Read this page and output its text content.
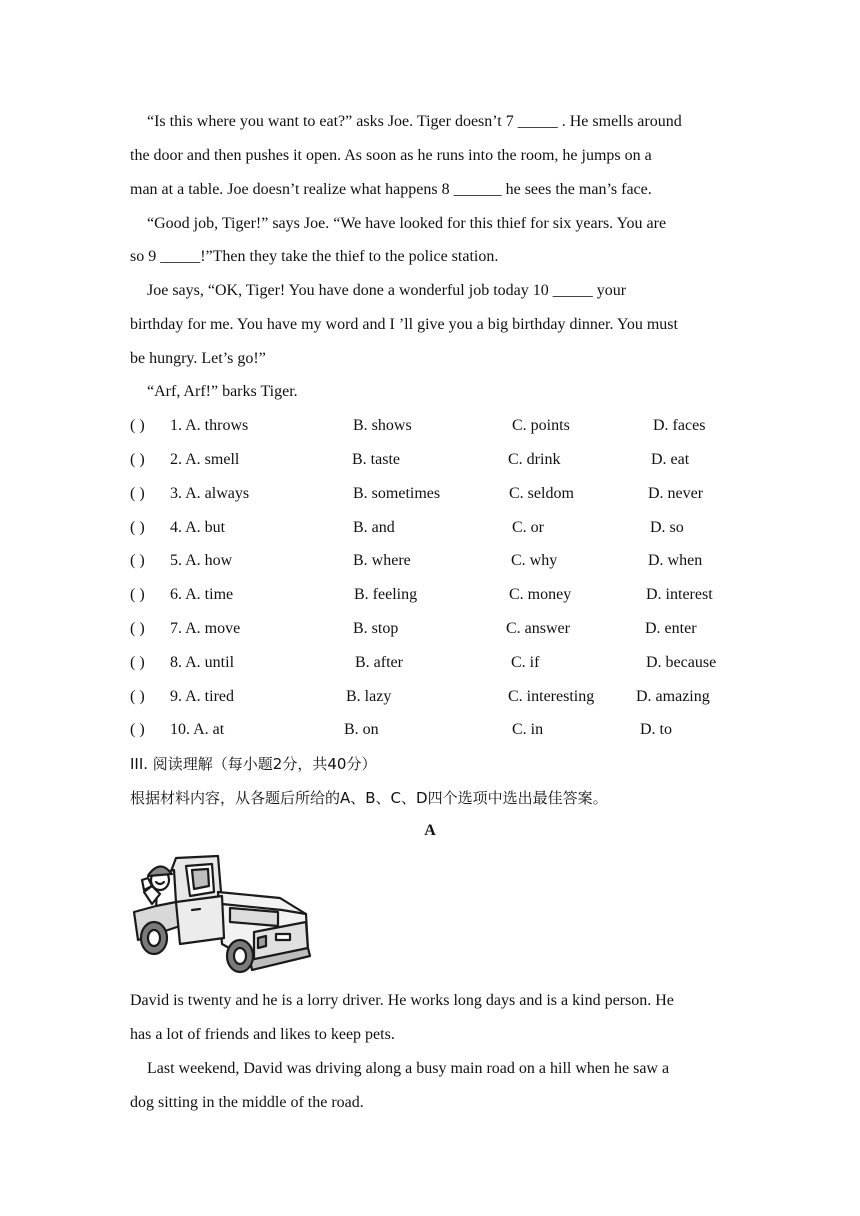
“Is this where you want to eat?” asks Joe. Tiger doesn’t 7 _____ . He smells around
the door and then pushes it open. As soon as he runs into the room, he jumps on a
man at a table. Joe doesn’t realize what happens 8 ______ he sees the man’s face.
“Good job, Tiger!” says Joe. “We have looked for this thief for six years. You are
so 9 _____!”Then they take the thief to the police station.
Joe says, “OK, Tiger! You have done a wonderful job today 10 _____ your
birthday for me. You have my word and I ’ll give you a big birthday dinner. You must
be hungry. Let’s go!”
“Arf, Arf!” barks Tiger.
( ) 1. A. throws	B. shows	C. points	D. faces
( ) 2. A. smell	B. taste	C. drink	D. eat
( ) 3. A. always	B. sometimes	C. seldom	D. never
( ) 4. A. but	B. and	C. or	D. so
( ) 5. A. how	B. where	C. why	D. when
( ) 6. A. time	B. feeling	C. money	D. interest
( ) 7. A. move	B. stop	C. answer	D. enter
( ) 8. A. until	B. after	C. if	D. because
( ) 9. A. tired	B. lazy	C. interesting	D. amazing
( ) 10. A. at	B. on	C. in	D. to
III. 阅读理解（每小题2分，共40分）
根据材料内容，从各题后所给的A、B、C、D四个选项中选出最佳答案。
A
David is twenty and he is a lorry driver. He works long days and is a kind person. He
has a lot of friends and likes to keep pets.
Last weekend, David was driving along a busy main road on a hill when he saw a
dog sitting in the middle of the road.
